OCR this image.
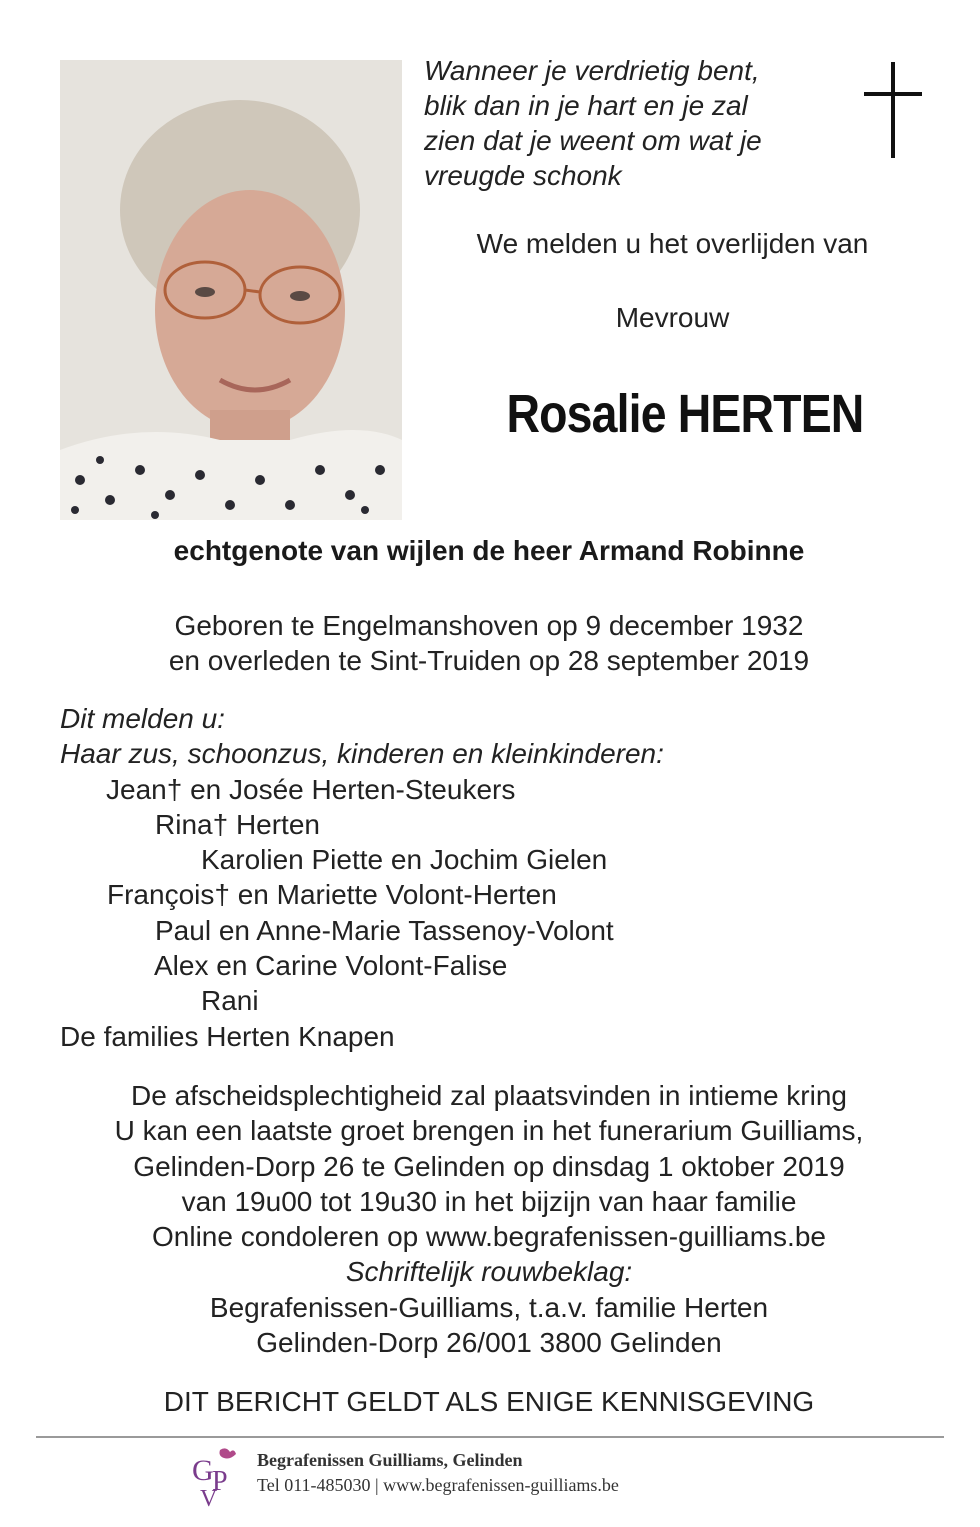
Wanneer je verdrietig bent,
blik dan in je hart en je zal
zien dat je weent om wat je
vreugde schonk
We melden u het overlijden van
Mevrouw
Rosalie HERTEN
echtgenote van wijlen de heer Armand Robinne
Geboren te Engelmanshoven op 9 december 1932
en overleden te Sint-Truiden op 28 september 2019
Dit melden u:
Haar zus, schoonzus, kinderen en kleinkinderen:
Jean† en Josée Herten-Steukers
Rina† Herten
Karolien Piette en Jochim Gielen
François† en Mariette Volont-Herten
Paul en Anne-Marie Tassenoy-Volont
Alex en Carine Volont-Falise
Rani
De families Herten Knapen
De afscheidsplechtigheid zal plaatsvinden in intieme kring
U kan een laatste groet brengen in het funerarium Guilliams,
Gelinden-Dorp 26 te Gelinden op dinsdag 1 oktober 2019
van 19u00 tot 19u30 in het bijzijn van haar familie
Online condoleren op www.begrafenissen-guilliams.be
Schriftelijk rouwbeklag:
Begrafenissen-Guilliams, t.a.v. familie Herten
Gelinden-Dorp 26/001 3800 Gelinden
DIT BERICHT GELDT ALS ENIGE KENNISGEVING
G
P
V
Begrafenissen Guilliams, Gelinden
Tel 011-485030 | www.begrafenissen-guilliams.be
